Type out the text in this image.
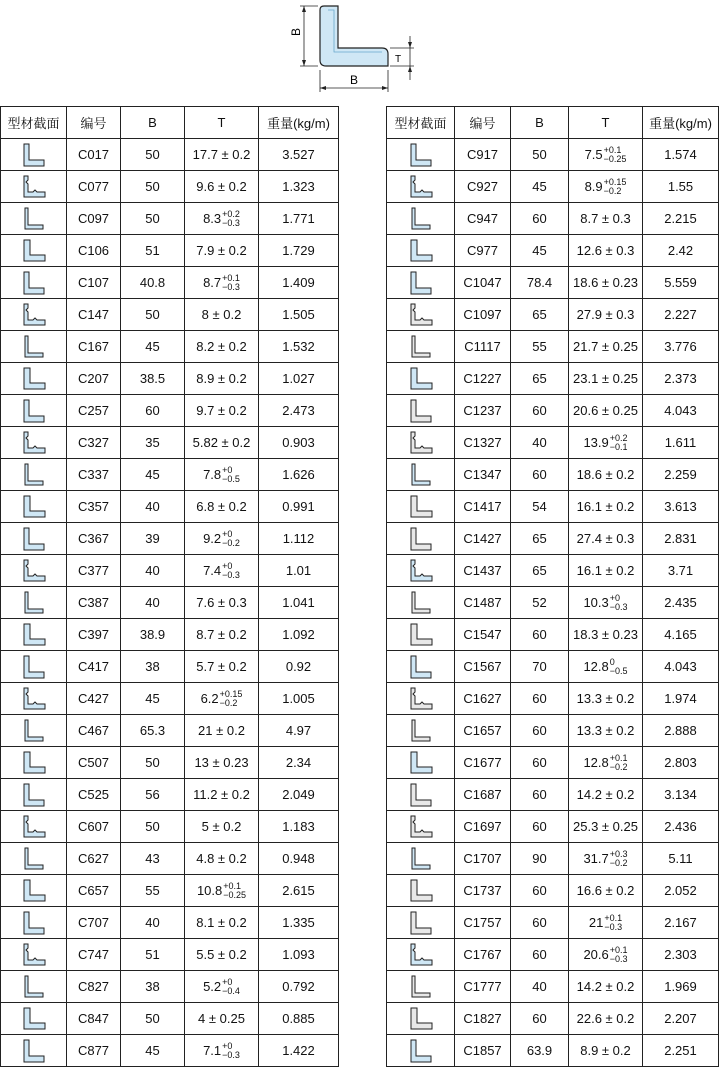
B
B
T
型材截面	编号	B	T	重量(kg/m)

	C017	50	17.7 ± 0.2	3.527

	C077	50	9.6 ± 0.2	1.323

	C097	50	8.3 +0.2
−0.3	1.771

	C106	51	7.9 ± 0.2	1.729

	C107	40.8	8.7 +0.1
−0.3	1.409

	C147	50	8 ± 0.2	1.505

	C167	45	8.2 ± 0.2	1.532

	C207	38.5	8.9 ± 0.2	1.027

	C257	60	9.7 ± 0.2	2.473

	C327	35	5.82 ± 0.2	0.903

	C337	45	7.8 +0
−0.5	1.626

	C357	40	6.8 ± 0.2	0.991

	C367	39	9.2 +0
−0.2	1.112

	C377	40	7.4 +0
−0.3	1.01

	C387	40	7.6 ± 0.3	1.041

	C397	38.9	8.7 ± 0.2	1.092

	C417	38	5.7 ± 0.2	0.92

	C427	45	6.2 +0.15
−0.2	1.005

	C467	65.3	21 ± 0.2	4.97

	C507	50	13 ± 0.23	2.34

	C525	56	11.2 ± 0.2	2.049

	C607	50	5 ± 0.2	1.183

	C627	43	4.8 ± 0.2	0.948

	C657	55	10.8 +0.1
−0.25	2.615

	C707	40	8.1 ± 0.2	1.335

	C747	51	5.5 ± 0.2	1.093

	C827	38	5.2 +0
−0.4	0.792

	C847	50	4 ± 0.25	0.885

	C877	45	7.1 +0
−0.3	1.422
型材截面	编号	B	T	重量(kg/m)

	C917	50	7.5 +0.1
−0.25	1.574

	C927	45	8.9 +0.15
−0.2	1.55

	C947	60	8.7 ± 0.3	2.215

	C977	45	12.6 ± 0.3	2.42

	C1047	78.4	18.6 ± 0.23	5.559

	C1097	65	27.9 ± 0.3	2.227

	C1117	55	21.7 ± 0.25	3.776

	C1227	65	23.1 ± 0.25	2.373

	C1237	60	20.6 ± 0.25	4.043

	C1327	40	13.9 +0.2
−0.1	1.611

	C1347	60	18.6 ± 0.2	2.259

	C1417	54	16.1 ± 0.2	3.613

	C1427	65	27.4 ± 0.3	2.831

	C1437	65	16.1 ± 0.2	3.71

	C1487	52	10.3 +0
−0.3	2.435

	C1547	60	18.3 ± 0.23	4.165

	C1567	70	12.8 0
−0.5	4.043

	C1627	60	13.3 ± 0.2	1.974

	C1657	60	13.3 ± 0.2	2.888

	C1677	60	12.8 +0.1
−0.2	2.803

	C1687	60	14.2 ± 0.2	3.134

	C1697	60	25.3 ± 0.25	2.436

	C1707	90	31.7 +0.3
−0.2	5.11

	C1737	60	16.6 ± 0.2	2.052

	C1757	60	21 +0.1
−0.3	2.167

	C1767	60	20.6 +0.1
−0.3	2.303

	C1777	40	14.2 ± 0.2	1.969

	C1827	60	22.6 ± 0.2	2.207

	C1857	63.9	8.9 ± 0.2	2.251
